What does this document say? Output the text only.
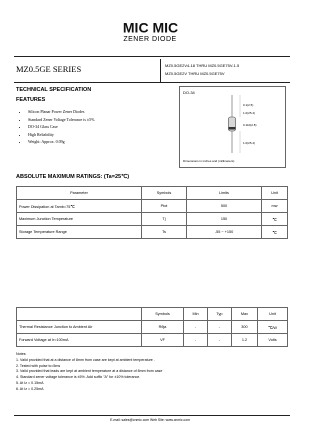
MIC MIC
ZENER DIODE
MZ0.5GE SERIES	MZ0.5GE2V4-18 THRU MZ0.5GE75V-1.5
MZ0.5GE2V THRU MZ0.5GE75V
TECHNICAL SPECIFICATION
FEATURES
• Silicon Planar Power Zener Diodes
• Standard Zener Voltage Tolerance is ±5%
• DO-34 Glass Case
• High Reliability
• Weight: Approx. 0.09g
DO-34
0.1(2.5)
1.0(25.4)
0.110(2.8)
1.0(25.4)
Dimensions in inches and (millimeters)
ABSOLUTE MAXIMUM RATINGS: (Ta=25℃)
Parameter	Symbols	Limits	Unit
Power Dissipation at Tamb=75℃	Ptot	500	mw
Maximum Junction Temperature	Tj	150	℃
Storage Temperature Range	Ts	-55 ~ +150	℃
	Symbols	Min	Typ	Max	Unit
Thermal Resistance Junction to Ambient Air	Rθja	-	-	300	℃/W
Forward Voltage at Ir=100mA	VF	-	-	1.2	Volts
Notes:
1. Valid provided that at a distance of 8mm from case are kept at ambient temperature .
2. Tested with pulse tc=5ms
3. Valid provided that leads are kept at ambient temperature at a distance of 8mm from case
4. Standard zener voltage tolerance is ±5%. Add suffix "A" for ±10% tolerance.
5. At Iz = 0.15mA
6. At Iz = 0.25mA
E-mail: sales@cnmic.com Web Site: www.cnmic.com
